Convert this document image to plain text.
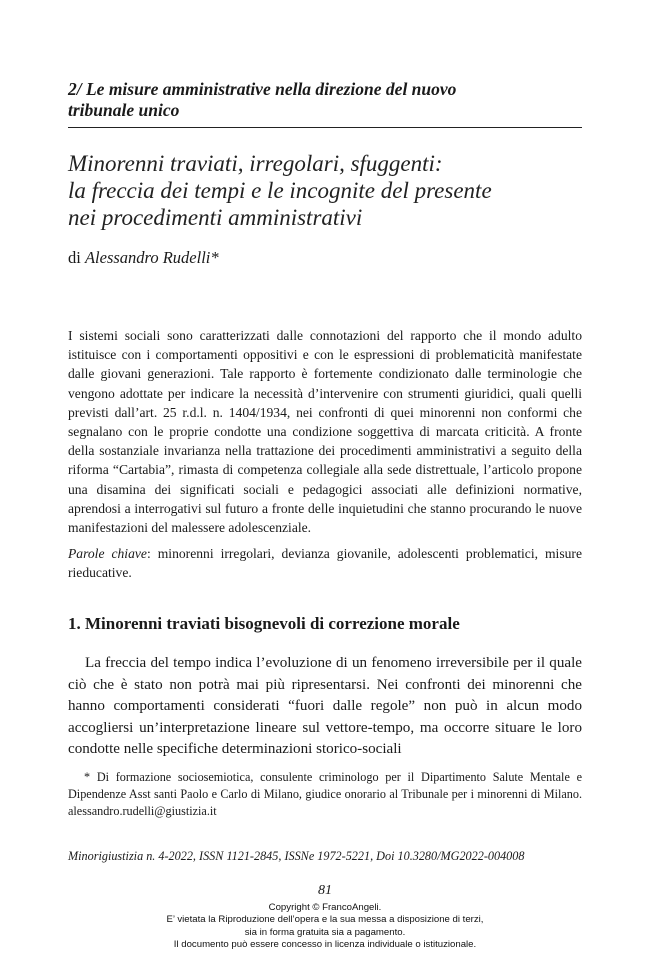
2/ Le misure amministrative nella direzione del nuovo
tribunale unico
Minorenni traviati, irregolari, sfuggenti:
la freccia dei tempi e le incognite del presente
nei procedimenti amministrativi

di Alessandro Rudelli*

I sistemi sociali sono caratterizzati dalle connotazioni del rapporto che il mondo adulto istituisce con i comportamenti oppositivi e con le espressioni di problematicità manifestate dalle giovani generazioni. Tale rapporto è fortemente condizionato dalle terminologie che vengono adottate per indicare la necessità d’intervenire con strumenti giuridici, quali quelli previsti dall’art. 25 r.d.l. n. 1404/1934, nei confronti di quei minorenni non conformi che segnalano con le proprie condotte una condizione soggettiva di marcata criticità. A fronte della sostanziale invarianza nella trattazione dei procedimenti amministrativi a seguito della riforma “Cartabia”, rimasta di competenza collegiale alla sede distrettuale, l’articolo propone una disamina dei significati sociali e pedagogici associati alle definizioni normative, aprendosi a interrogativi sul futuro a fronte delle inquietudini che stanno procurando le nuove manifestazioni del malessere adolescenziale.

Parole chiave: minorenni irregolari, devianza giovanile, adolescenti problematici, misure rieducative.

1. Minorenni traviati bisognevoli di correzione morale

La freccia del tempo indica l’evoluzione di un fenomeno irreversibile per il quale ciò che è stato non potrà mai più ripresentarsi. Nei confronti dei minorenni che hanno comportamenti considerati “fuori dalle regole” non può in alcun modo accogliersi un’interpretazione lineare sul vettore-tempo, ma occorre situare le loro condotte nelle specifiche determinazioni storico-sociali

* Di formazione sociosemiotica, consulente criminologo per il Dipartimento Salute Mentale e Dipendenze Asst santi Paolo e Carlo di Milano, giudice onorario al Tribunale per i minorenni di Milano. alessandro.rudelli@giustizia.it

Minorigiustizia n. 4-2022, ISSN 1121-2845, ISSNe 1972-5221, Doi 10.3280/MG2022-004008

81

Copyright © FrancoAngeli.
E’ vietata la Riproduzione dell’opera e la sua messa a disposizione di terzi,
sia in forma gratuita sia a pagamento.
Il documento può essere concesso in licenza individuale o istituzionale.
